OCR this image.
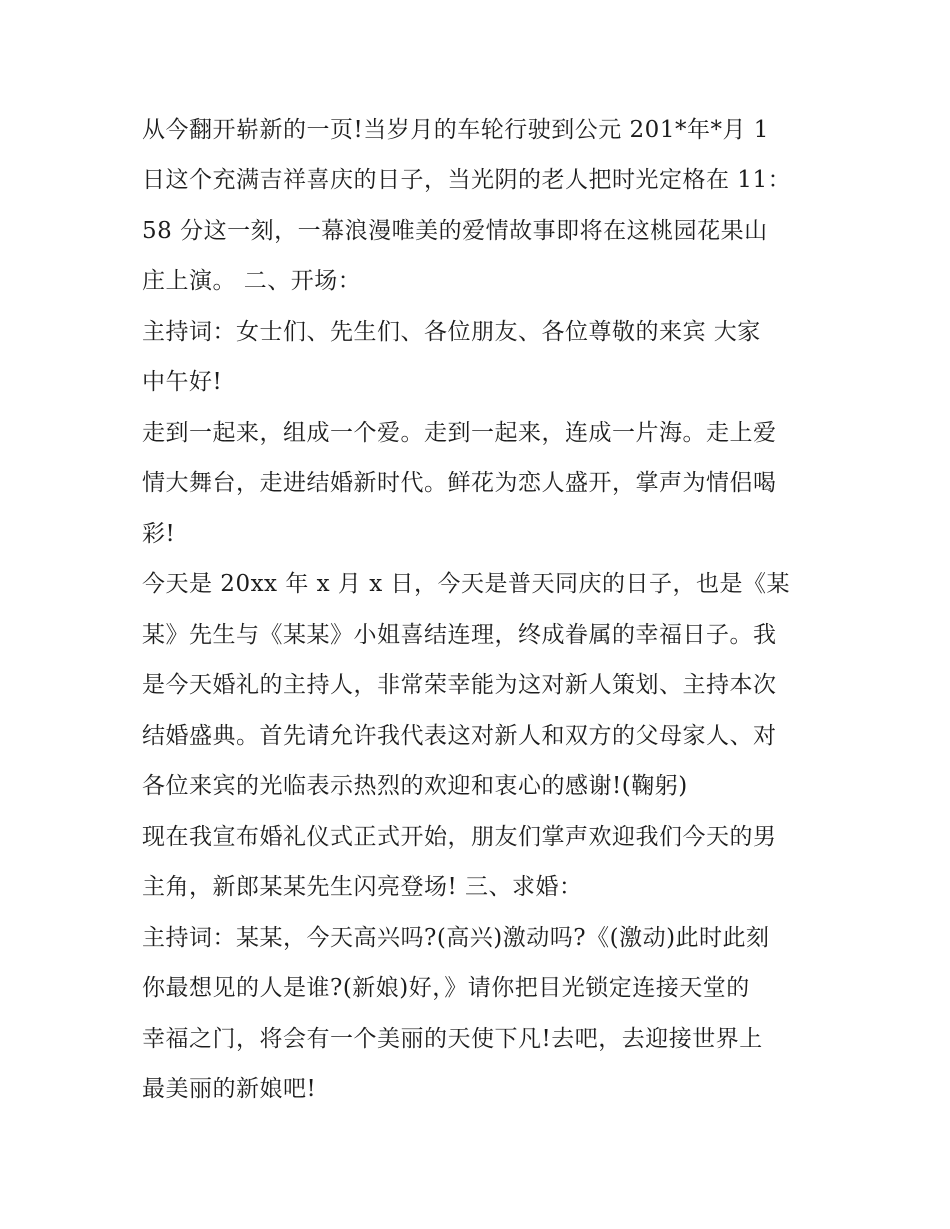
从今翻开崭新的一页!当岁月的车轮行驶到公元 201*年*月 1
日这个充满吉祥喜庆的日子，当光阴的老人把时光定格在 11：
58 分这一刻，一幕浪漫唯美的爱情故事即将在这桃园花果山
庄上演。 二、开场：
主持词：女士们、先生们、各位朋友、各位尊敬的来宾 大家
中午好!
走到一起来，组成一个爱。走到一起来，连成一片海。走上爱
情大舞台，走进结婚新时代。鲜花为恋人盛开，掌声为情侣喝
彩!
今天是 20xx 年 x 月 x 日，今天是普天同庆的日子，也是《某
某》先生与《某某》小姐喜结连理，终成眷属的幸福日子。我
是今天婚礼的主持人，非常荣幸能为这对新人策划、主持本次
结婚盛典。首先请允许我代表这对新人和双方的父母家人、对
各位来宾的光临表示热烈的欢迎和衷心的感谢!(鞠躬)
现在我宣布婚礼仪式正式开始，朋友们掌声欢迎我们今天的男
主角，新郎某某先生闪亮登场! 三、求婚：
主持词：某某，今天高兴吗?(高兴)激动吗?《(激动)此时此刻
你最想见的人是谁?(新娘)好，》请你把目光锁定连接天堂的
幸福之门，将会有一个美丽的天使下凡!去吧，去迎接世界上
最美丽的新娘吧!
